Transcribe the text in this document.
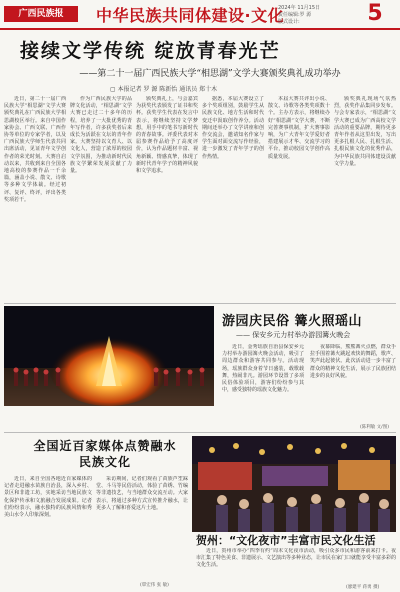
广西民族报	中华民族共同体建设·文化
2024年 11月15日
责任编辑:罗 源
版式设计:	5
接续文学传统 绽放青春光芒
——第二十一届广西民族大学“相思湖”文学大赛颁奖典礼成功举办
▢ 本报记者 罗 源 陈新怡 通讯员 郑十木

近日，第二十一届广西民族大学“相思湖”文学大赛颁奖典礼在广西民族大学相思湖校区举行。来自中国作家协会、广西文联、广西作协等单位的专家学者，以及广西民族大学师生代表共同出席活动，见证青年文学创作者的荣光时刻。大赛自启动以来，共收到来自全国各地高校的参赛作品一千余篇，涵盖小说、散文、诗歌等多种文学体裁。经过初评、复评、终评，评出各类奖项若干。

作为广西民族大学的品牌文化活动，“相思湖”文学大赛已走过二十多年的历程，培养了一大批优秀的青年写作者，许多获奖者后来成长为活跃在文坛的青年作家。大赛坚持以文育人、以文化人，营造了浓厚的校园文学氛围，为推动新时代民族文学繁荣发展贡献了力量。

颁奖典礼上，与会嘉宾为获奖代表颁发了证书和奖杯。获奖学生代表在发言中表示，将继续坚持文学梦想，用手中的笔书写新时代的青春故事。评委代表对本届参赛作品给予了高度评价，认为作品题材丰富、视角新颖、情感真挚，体现了新时代青年学子的精神风貌和文学追求。

据悉，本届大赛设立了多个奖项组别，鼓励学生从民族文化、地方生活和时代变迁中汲取创作养分。活动期间还举办了文学讲座和创作交流会，邀请知名作家与学生面对面交流写作经验，进一步激发了青年学子的创作热情。

本届大赛共评出小说、散文、诗歌等各类奖项数十个。主办方表示，将继续办好“相思湖”文学大赛，不断完善赛事机制，扩大赛事影响，为广大青年文学爱好者搭建展示才华、交流学习的平台，推动校园文学创作高质量发展。

颁奖典礼现场气氛热烈，获奖作品集同步发布。与会专家表示，“相思湖”文学大赛已成为广西高校文学活动的重要品牌，期待更多青年作者从这里出发，写出更多扎根人民、扎根生活、扎根民族文化的优秀作品，为中华民族共同体建设贡献文学力量。

游园庆民俗 篝火照瑶山
—— 保安乡元力村举办游园篝火晚会

近日，金秀瑶族自治县保安乡元力村举办游园篝火晚会活动，吸引了周边群众和游客共同参与。活动现场，瑶族群众身着节日盛装，载歌载舞，热闹非凡。游园环节设置了多项民俗体验项目，游客们纷纷参与其中，感受独特的瑶族文化魅力。

夜幕降临，熊熊篝火点燃，群众手拉手围着篝火跳起欢快的舞蹈，歌声、笑声此起彼伏。此次活动进一步丰富了群众的精神文化生活，展示了民族团结进步的良好风貌。

(陈利敏 文/图)
全国近百家媒体点赞融水民族文化

近日，来自全国各地近百家媒体的记者走进融水苗族自治县，深入乡村、景区和非遗工坊，实地采访当地民族文化保护传承和文旅融合发展成果。记者们纷纷表示，融水独特的民族风情和秀美山水令人印象深刻。

采访期间，记者们观看了苗族芦笙踩堂、斗马等民俗活动，体验了苗绣、竹编等非遗技艺，与当地群众交流互动。大家表示，将通过多种方式宣传推介融水，让更多人了解和喜爱这片土地。

(覃宏伟 张 敏)
贺州：“文化夜市”丰富市民文化生活

近日，贺州市举办“四季有约”周末文化夜市活动，吸引众多市民和游客前来打卡。夜市汇集了特色美食、非遗展示、文艺演出等多种业态，让市民在家门口就能享受丰富多彩的文化生活。

(廖建平 蒋勇 摄)
